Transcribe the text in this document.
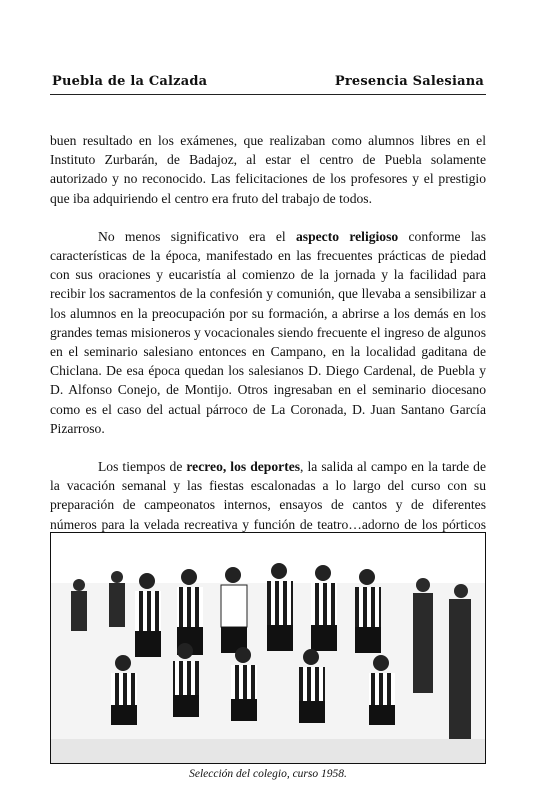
Puebla de la Calzada	Presencia Salesiana

buen resultado en los exámenes, que realizaban como alumnos libres en el Instituto Zurbarán, de Badajoz, al estar el centro de Puebla solamente autorizado y no reconocido. Las felicitaciones de los profesores y el prestigio que iba adquiriendo el centro era fruto del trabajo de todos.

No menos significativo era el aspecto religioso conforme las características de la época, manifestado en las frecuentes prácticas de piedad con sus oraciones y eucaristía al comienzo de la jornada y la facilidad para recibir los sacramentos de la confesión y comunión, que llevaba a sensibilizar a los alumnos en la preocupación por su formación, a abrirse a los demás en los grandes temas misioneros y vocacionales siendo frecuente el ingreso de algunos en el seminario salesiano entonces en Campano, en la localidad gaditana de Chiclana. De esa época quedan los salesianos D. Diego Cardenal, de Puebla y D. Alfonso Conejo, de Montijo. Otros ingresaban en el seminario diocesano como es el caso del actual párroco de La Coronada, D. Juan Santano García Pizarroso.

Los tiempos de recreo, los deportes, la salida al campo en la tarde de la vacación semanal y las fiestas escalonadas a lo largo del curso con su preparación de campeonatos internos, ensayos de cantos y de diferentes números para la velada recreativa y función de teatro…adorno de los pórticos

Selección del colegio, curso 1958.
